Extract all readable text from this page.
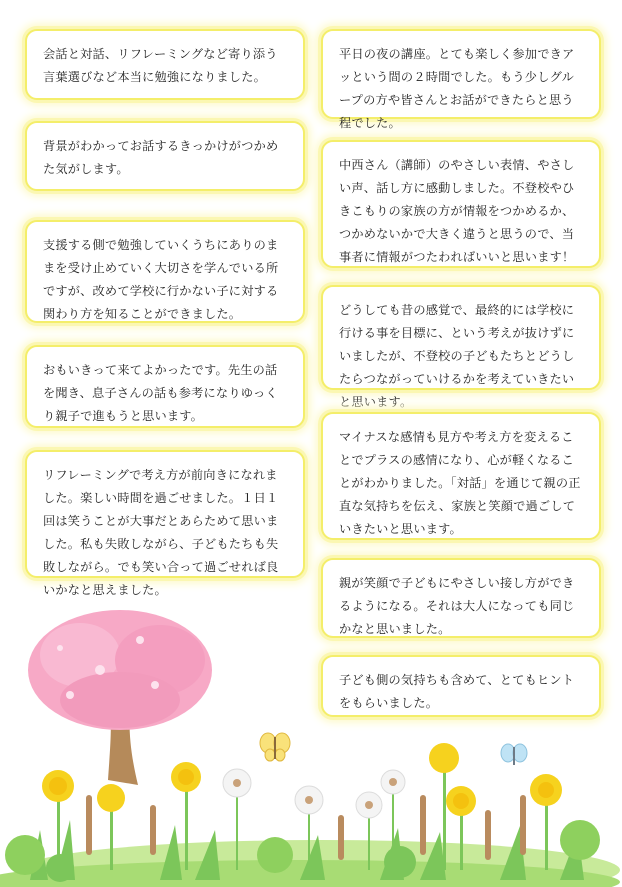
会話と対話、リフレーミングなど寄り添う言葉選びなど本当に勉強になりました。

背景がわかってお話するきっかけがつかめた気がします。

支援する側で勉強していくうちにありのままを受け止めていく大切さを学んでいる所ですが、改めて学校に行かない子に対する関わり方を知ることができました。

おもいきって来てよかったです。先生の話を聞き、息子さんの話も参考になりゆっくり親子で進もうと思います。

リフレーミングで考え方が前向きになれました。楽しい時間を過ごせました。１日１回は笑うことが大事だとあらためて思いました。私も失敗しながら、子どもたちも失敗しながら。でも笑い合って過ごせれば良いかなと思えました。

平日の夜の講座。とても楽しく参加できアッという間の２時間でした。もう少しグループの方や皆さんとお話ができたらと思う程でした。

中西さん（講師）のやさしい表情、やさしい声、話し方に感動しました。不登校やひきこもりの家族の方が情報をつかめるか、つかめないかで大きく違うと思うので、当事者に情報がつたわればいいと思います！

どうしても昔の感覚で、最終的には学校に行ける事を目標に、という考えが抜けずにいましたが、不登校の子どもたちとどうしたらつながっていけるかを考えていきたいと思います。

マイナスな感情も見方や考え方を変えることでプラスの感情になり、心が軽くなることがわかりました。「対話」を通じて親の正直な気持ちを伝え、家族と笑顔で過ごしていきたいと思います。

親が笑顔で子どもにやさしい接し方ができるようになる。それは大人になっても同じかなと思いました。

子ども側の気持ちも含めて、とてもヒントをもらいました。
